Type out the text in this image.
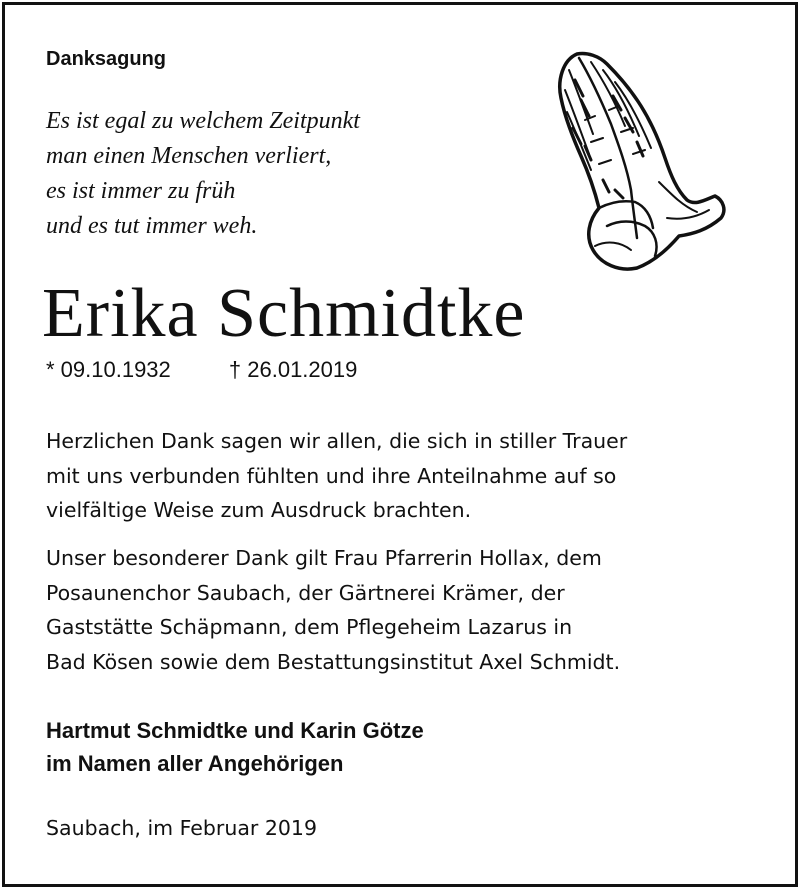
Danksagung
Es ist egal zu welchem Zeitpunkt
man einen Menschen verliert,
es ist immer zu früh
und es tut immer weh.
Erika Schmidtke
* 09.10.1932	† 26.01.2019
Herzlichen Dank sagen wir allen, die sich in stiller Trauer
mit uns verbunden fühlten und ihre Anteilnahme auf so
vielfältige Weise zum Ausdruck brachten.
Unser besonderer Dank gilt Frau Pfarrerin Hollax, dem
Posaunenchor Saubach, der Gärtnerei Krämer, der
Gaststätte Schäpmann, dem Pflegeheim Lazarus in
Bad Kösen sowie dem Bestattungsinstitut Axel Schmidt.
Hartmut Schmidtke und Karin Götze
im Namen aller Angehörigen
Saubach, im Februar 2019
